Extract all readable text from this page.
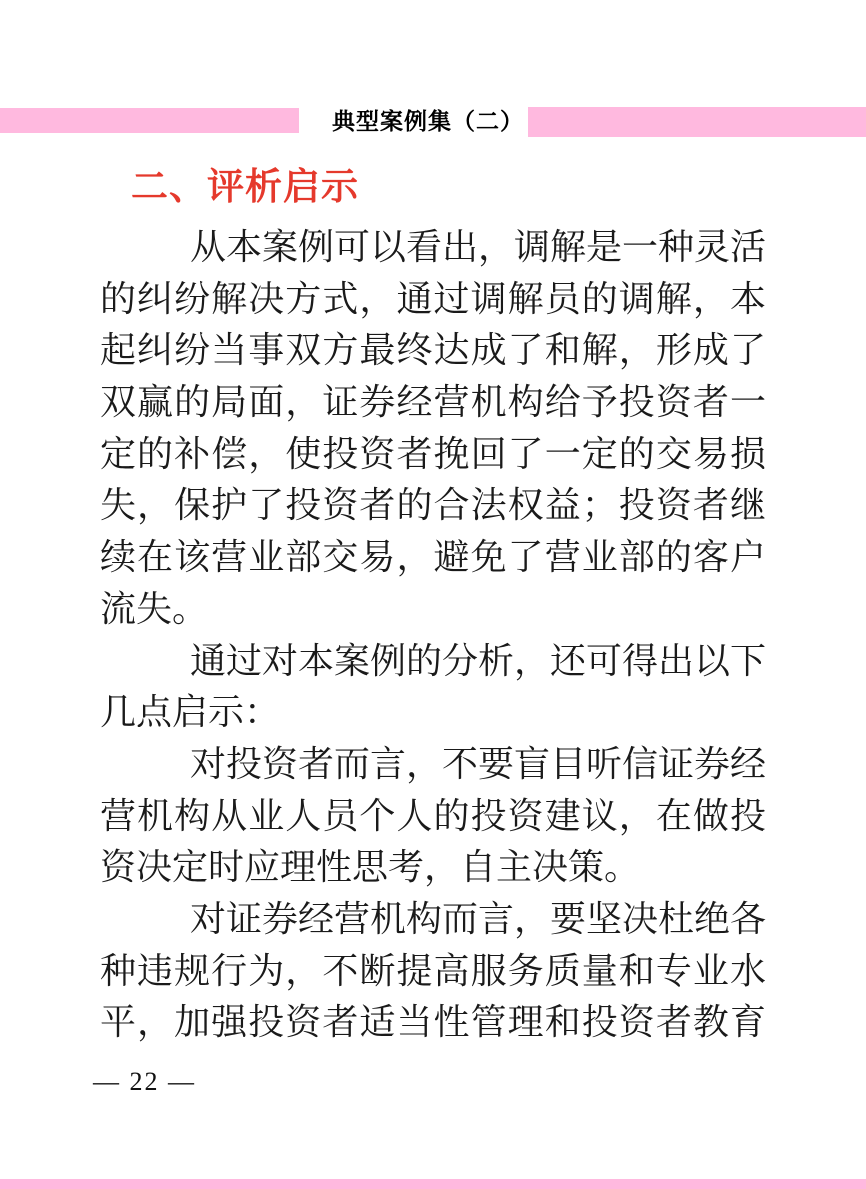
典型案例集（二）
二、评析启示
从本案例可以看出，调解是一种灵活
的纠纷解决方式，通过调解员的调解，本
起纠纷当事双方最终达成了和解，形成了
双赢的局面，证券经营机构给予投资者一
定的补偿，使投资者挽回了一定的交易损
失，保护了投资者的合法权益；投资者继
续在该营业部交易，避免了营业部的客户
流失。
通过对本案例的分析，还可得出以下
几点启示：
对投资者而言，不要盲目听信证券经
营机构从业人员个人的投资建议，在做投
资决定时应理性思考，自主决策。
对证券经营机构而言，要坚决杜绝各
种违规行为，不断提高服务质量和专业水
平，加强投资者适当性管理和投资者教育
— 22 —
